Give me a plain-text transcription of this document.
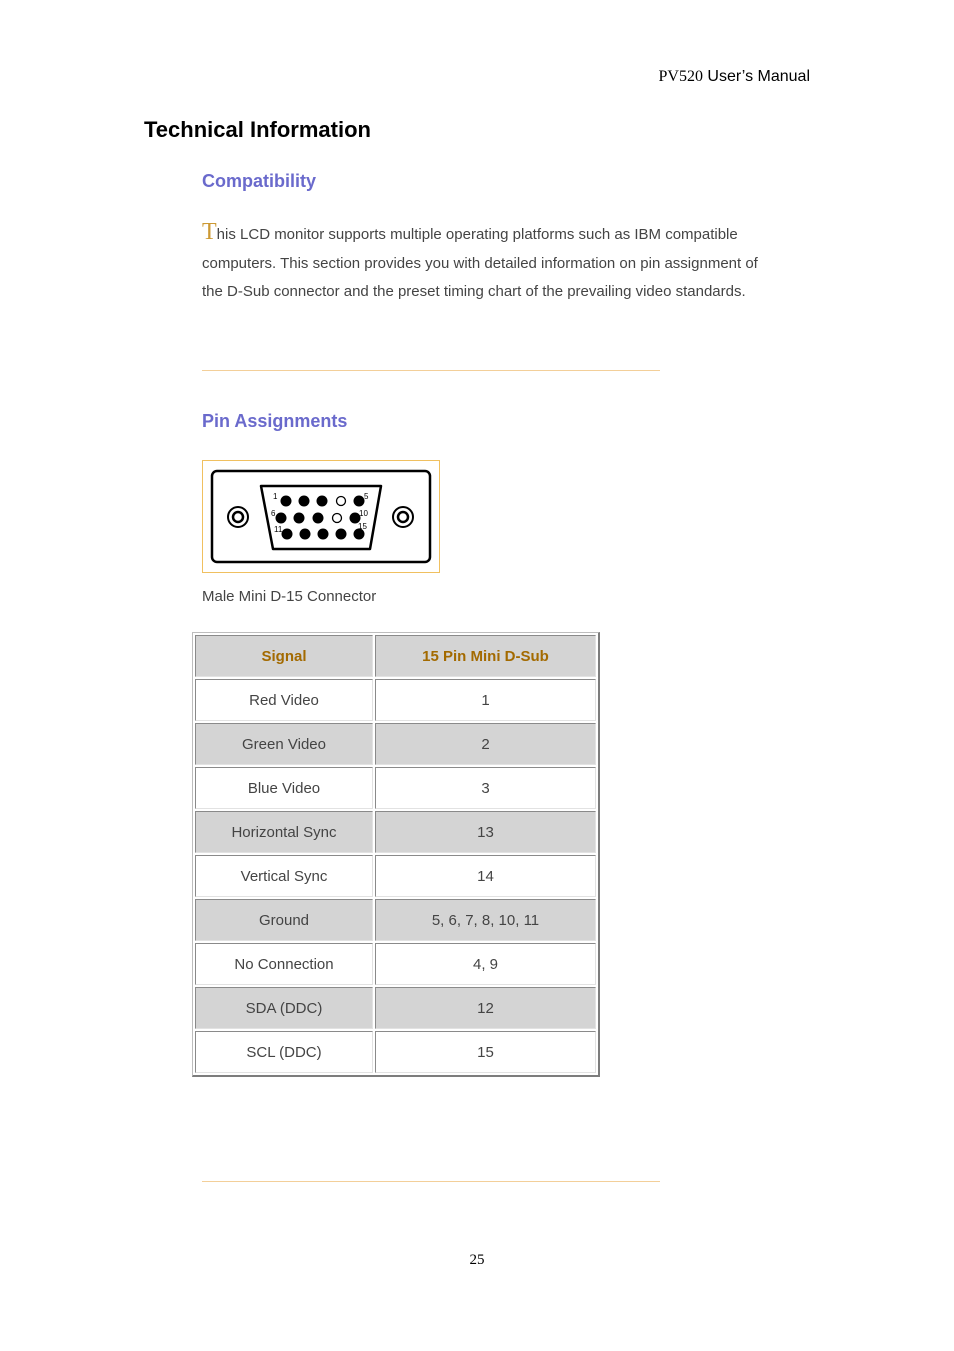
PV520 User’s Manual
Technical Information
Compatibility

This LCD monitor supports multiple operating platforms such as IBM compatible computers. This section provides you with detailed information on pin assignment of the D-Sub connector and the preset timing chart of the prevailing video standards.

Pin Assignments
1	5
6	10
11	15
Male Mini D-15 Connector
Signal	15 Pin Mini D-Sub
Red Video	1
Green Video	2
Blue Video	3
Horizontal Sync	13
Vertical Sync	14
Ground	5, 6, 7, 8, 10, 11
No Connection	4, 9
SDA (DDC)	12
SCL (DDC)	15
25
